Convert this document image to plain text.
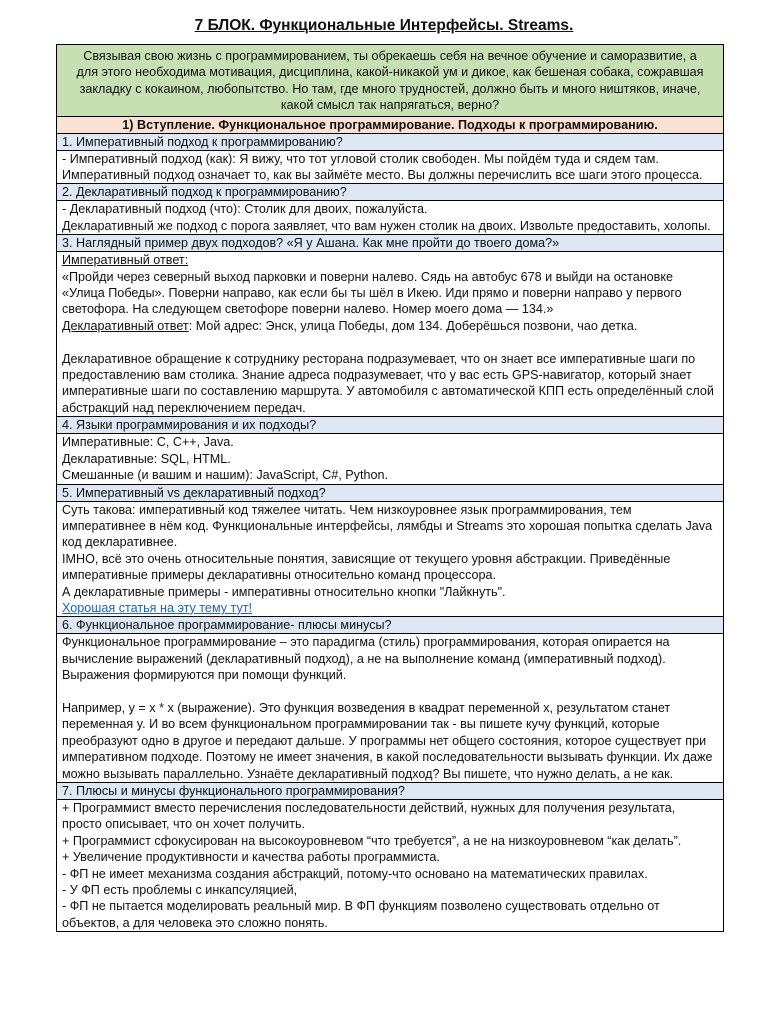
7 БЛОК. Функциональные Интерфейсы. Streams.
Связывая свою жизнь с программированием, ты обрекаешь себя на вечное обучение и саморазвитие, а для этого необходима мотивация, дисциплина, какой-никакой ум и дикое, как бешеная собака, сожравшая закладку с кокаином, любопытство. Но там, где много трудностей, должно быть и много ништяков, иначе, какой смысл так напрягаться, верно?
1) Вступление. Функциональное программирование. Подходы к программированию.
1. Императивный подход к программированию?
- Императивный подход (как): Я вижу, что тот угловой столик свободен. Мы пойдём туда и сядем там. Императивный подход означает то, как вы займёте место. Вы должны перечислить все шаги этого процесса.
2. Декларативный подход к программированию?

- Декларативный подход (что): Столик для двоих, пожалуйста.

Декларативный же подход с порога заявляет, что вам нужен столик на двоих. Извольте предоставить, холопы.

3. Наглядный пример двух подходов? «Я у Ашана. Как мне пройти до твоего дома?»

Императивный ответ:

«Пройди через северный выход парковки и поверни налево. Сядь на автобус 678 и выйди на остановке «Улица Победы». Поверни направо, как если бы ты шёл в Икею. Иди прямо и поверни направо у первого светофора. На следующем светофоре поверни налево. Номер моего дома — 134.»

Декларативный ответ: Мой адрес: Энск, улица Победы, дом 134. Доберёшься позвони, чао детка.

Декларативное обращение к сотруднику ресторана подразумевает, что он знает все императивные шаги по предоставлению вам столика. Знание адреса подразумевает, что у вас есть GPS-навигатор, который знает императивные шаги по составлению маршрута. У автомобиля с автоматической КПП есть определённый слой абстракций над переключением передач.

4. Языки программирования и их подходы?

Императивные: C, C++, Java.

Декларативные: SQL, HTML.

Смешанные (и вашим и нашим): JavaScript, C#, Python.

5. Императивный vs декларативный подход?

Суть такова: императивный код тяжелее читать. Чем низкоуровнее язык программирования, тем императивнее в нём код. Функциональные интерфейсы, лямбды и Streams это хорошая попытка сделать Java код декларативнее.

IMHO, всё это очень относительные понятия, зависящие от текущего уровня абстракции. Приведённые императивные примеры декларативны относительно команд процессора.

А декларативные примеры - императивны относительно кнопки "Лайкнуть".

Хорошая статья на эту тему тут!

6. Функциональное программирование- плюсы минусы?

Функциональное программирование – это парадигма (стиль) программирования, которая опирается на вычисление выражений (декларативный подход), а не на выполнение команд (императивный подход). Выражения формируются при помощи функций.

Например, y = x * x (выражение). Это функция возведения в квадрат переменной x, результатом станет переменная y. И во всем функциональном программировании так - вы пишете кучу функций, которые преобразуют одно в другое и передают дальше. У программы нет общего состояния, которое существует при императивном подходе. Поэтому не имеет значения, в какой последовательности вызывать функции. Их даже можно вызывать параллельно. Узнаёте декларативный подход? Вы пишете, что нужно делать, а не как.

7. Плюсы и минусы функционального программирования?

+ Программист вместо перечисления последовательности действий, нужных для получения результата, просто описывает, что он хочет получить.

+ Программист сфокусирован на высокоуровневом “что требуется”, а не на низкоуровневом “как делать”.

+ Увеличение продуктивности и качества работы программиста.

- ФП не имеет механизма создания абстракций, потому-что основано на математических правилах.

- У ФП есть проблемы с инкапсуляцией,

- ФП не пытается моделировать реальный мир. В ФП функциям позволено существовать отдельно от объектов, а для человека это сложно понять.
